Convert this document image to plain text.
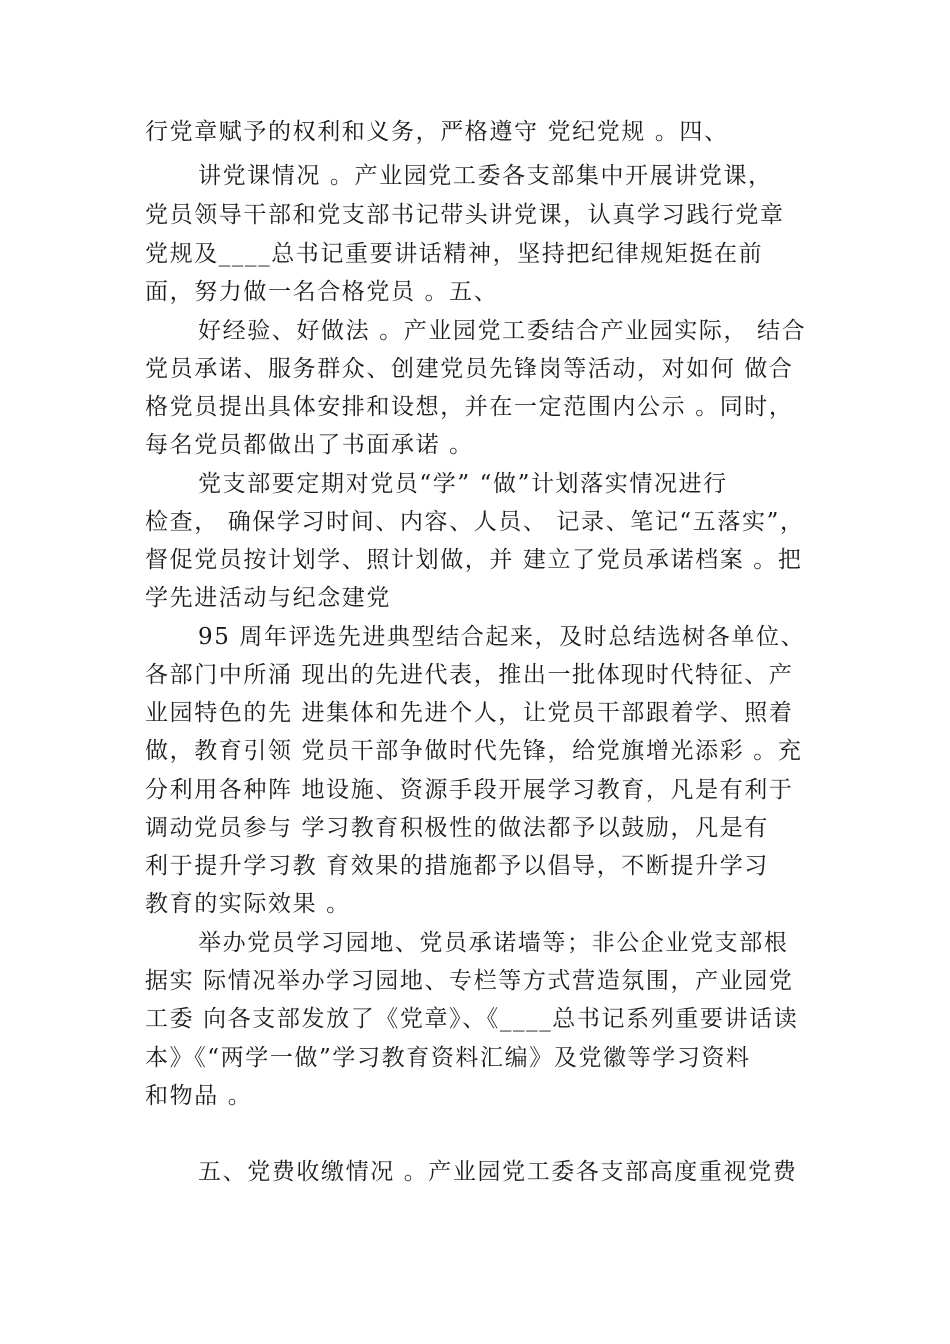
行党章赋予的权利和义务，严格遵守 党纪党规 。四、

讲党课情况 。产业园党工委各支部集中开展讲党课，

党员领导干部和党支部书记带头讲党课，认真学习践行党章

党规及____总书记重要讲话精神，坚持把纪律规矩挺在前

面，努力做一名合格党员 。五、

好经验、好做法 。产业园党工委结合产业园实际， 结合

党员承诺、服务群众、创建党员先锋岗等活动，对如何 做合

格党员提出具体安排和设想，并在一定范围内公示 。同时，

每名党员都做出了书面承诺 。

党支部要定期对党员“学” “做”计划落实情况进行

检查， 确保学习时间、内容、人员、 记录、笔记“五落实”，

督促党员按计划学、照计划做，并 建立了党员承诺档案 。把

学先进活动与纪念建党

95 周年评选先进典型结合起来，及时总结选树各单位、

各部门中所涌 现出的先进代表，推出一批体现时代特征、产

业园特色的先 进集体和先进个人，让党员干部跟着学、照着

做，教育引领 党员干部争做时代先锋，给党旗增光添彩 。充

分利用各种阵 地设施、资源手段开展学习教育，凡是有利于

调动党员参与 学习教育积极性的做法都予以鼓励，凡是有

利于提升学习教 育效果的措施都予以倡导，不断提升学习

教育的实际效果 。

举办党员学习园地、党员承诺墙等；非公企业党支部根

据实 际情况举办学习园地、专栏等方式营造氛围，产业园党

工委 向各支部发放了《党章》、《____总书记系列重要讲话读

本》《“两学一做”学习教育资料汇编》及党徽等学习资料

和物品 。

五、党费收缴情况 。产业园党工委各支部高度重视党费
